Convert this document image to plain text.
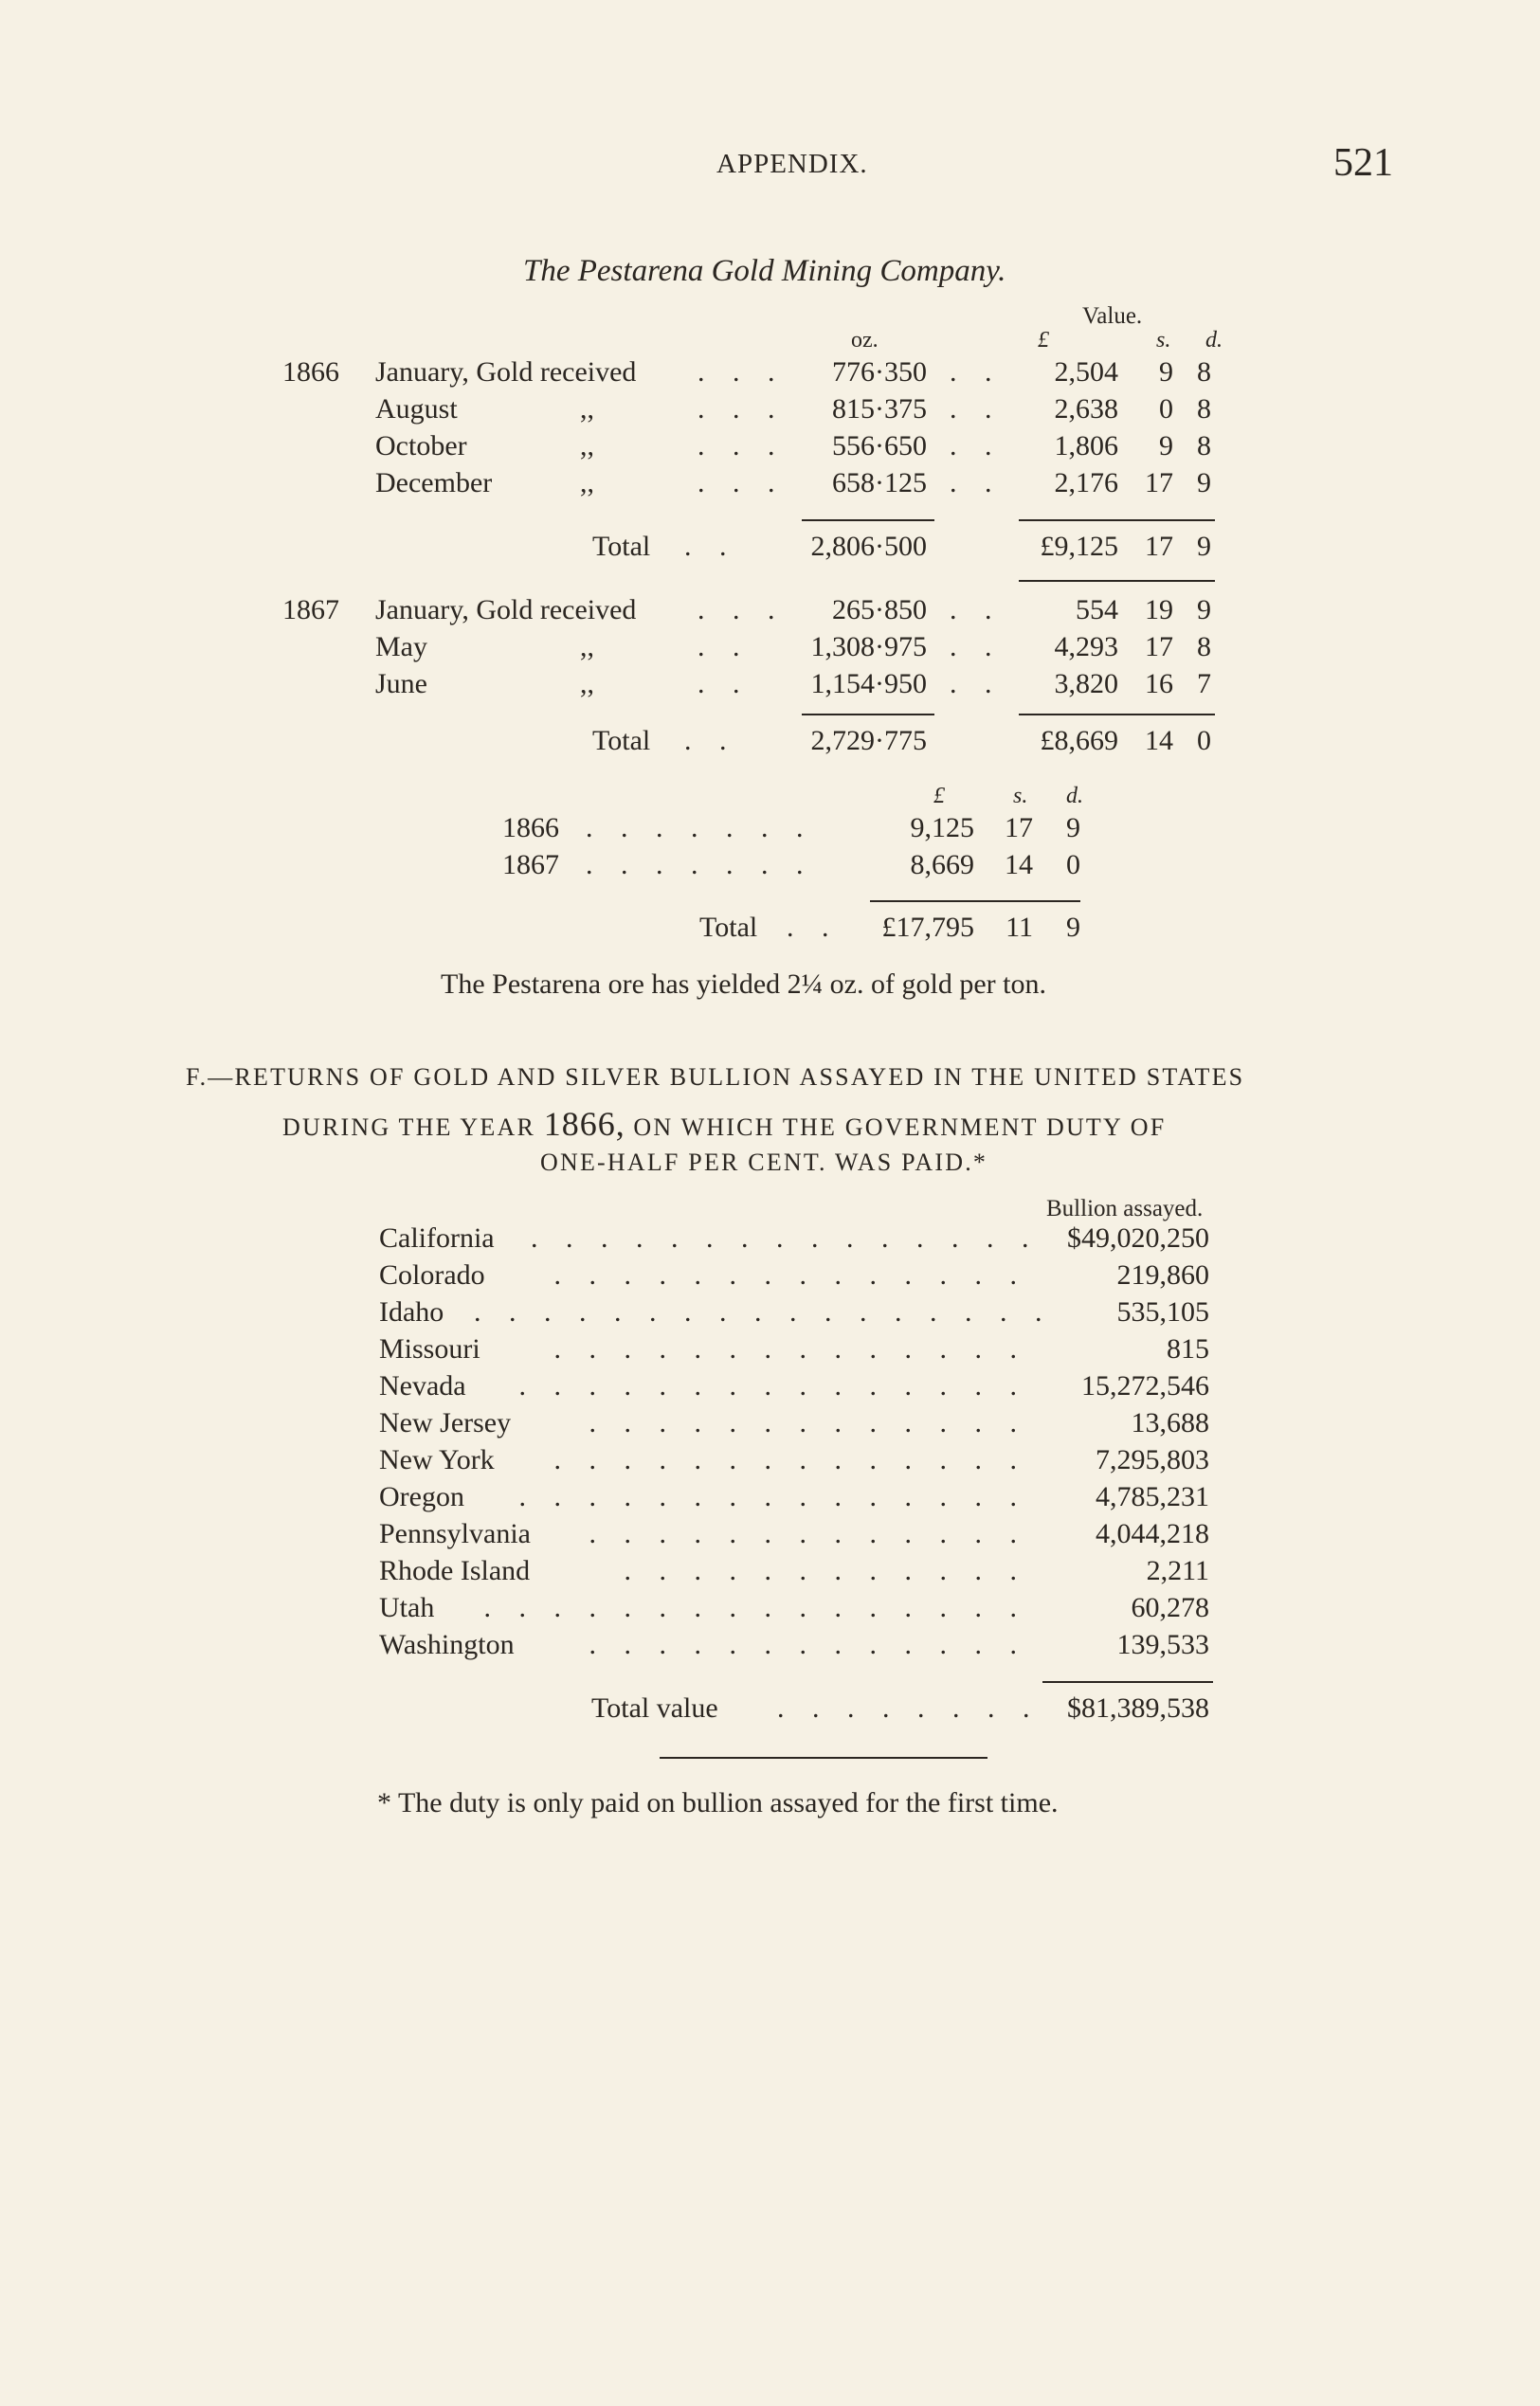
APPENDIX.	521
The Pestarena Gold Mining Company.
Value.
oz.	£	s. d.
1866 January, Gold received . . .	776·350 . .	2,504	9 8
August	,,	. . .	815·375 . .	2,638	0 8
October	,,	. . .	556·650 . .	1,806	9 8
December	,,	. . .	658·125 . .	2,176 17 9
Total . .	2,806·500	£9,125 17 9
1867 January, Gold received . . .	265·850 . .	554 19 9
May	,,	. .	1,308·975 . .	4,293 17 8
June	,,	. .	1,154·950 . .	3,820 16 7
Total . .	2,729·775	£8,669 14 0
£	s. d.
1866 . . . . . . .	9,125	17	9
1867 . . . . . . .	8,669	14	0
Total . .	£17,795	11	9
The Pestarena ore has yielded 2¼ oz. of gold per ton.
F.—RETURNS OF GOLD AND SILVER BULLION ASSAYED IN THE UNITED STATES
DURING THE YEAR 1866, ON WHICH THE GOVERNMENT DUTY OF
ONE-HALF PER CENT. WAS PAID.*
Bullion assayed.
California . . . . . . . . . . . . . . . $49,020,250
Colorado	. . . . . . . . . . . . . .	219,860
Idaho . . . . . . . . . . . . . . . . .	535,105
Missouri	. . . . . . . . . . . . . .	815
Nevada . . . . . . . . . . . . . . .	15,272,546
New Jersey	. . . . . . . . . . . . .	13,688
New York	. . . . . . . . . . . . . .	7,295,803
Oregon . . . . . . . . . . . . . . .	4,785,231
Pennsylvania . . . . . . . . . . . . .	4,044,218
Rhode Island	. . . . . . . . . . . .	2,211
Utah	. . . . . . . . . . . . . . . .	60,278
Washington	. . . . . . . . . . . . .	139,533
Total value . . . . . . . . $81,389,538
* The duty is only paid on bullion assayed for the first time.
